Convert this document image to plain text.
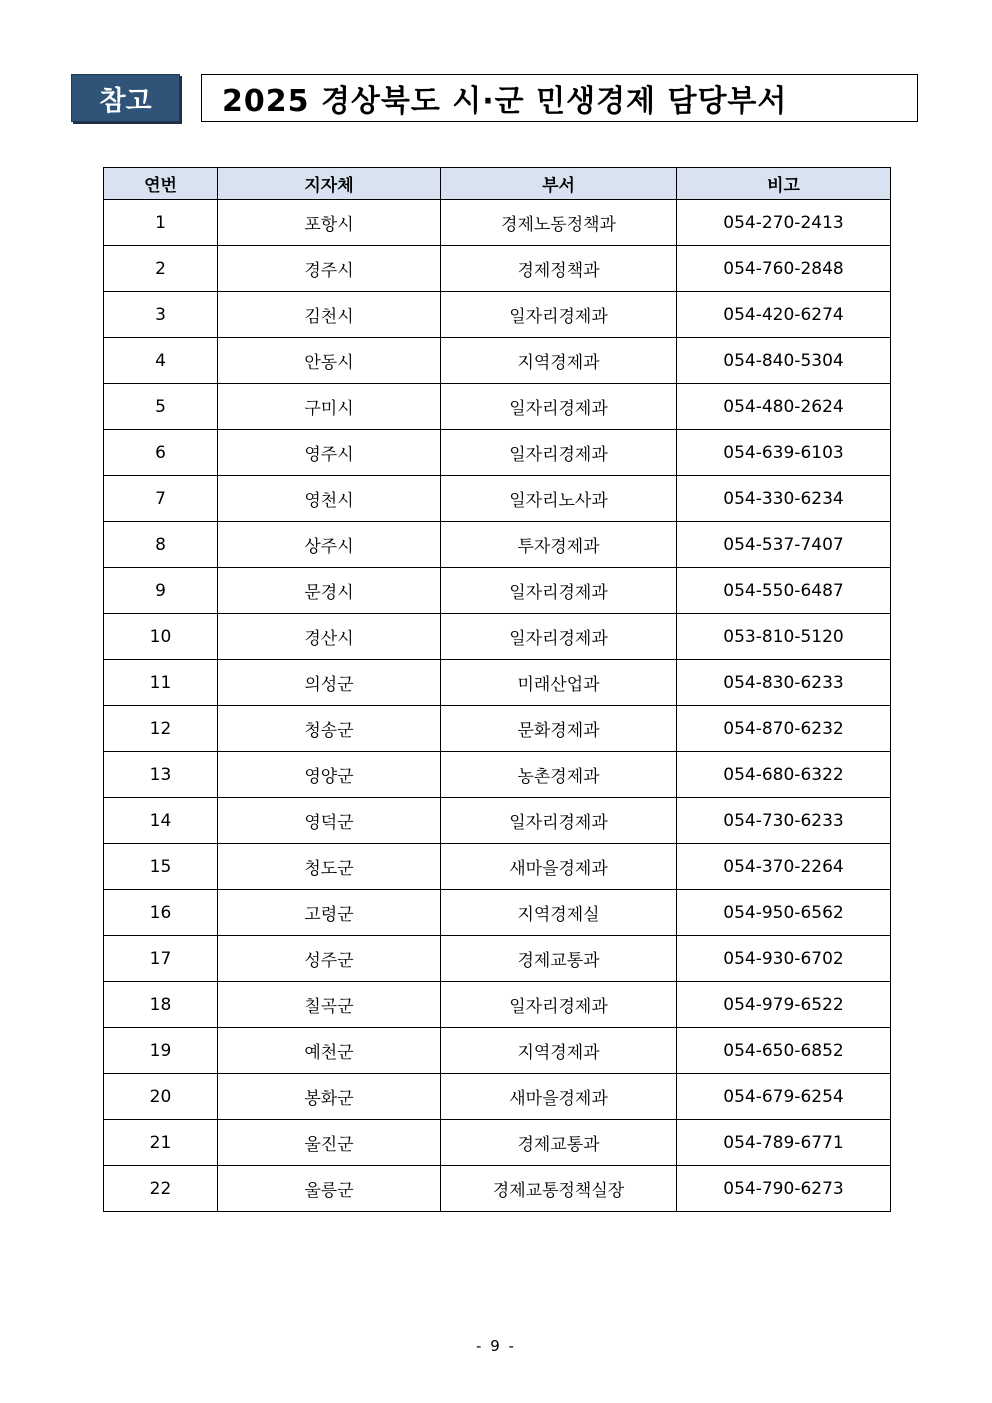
참고	2025 경상북도 시·군 민생경제 담당부서
연번	지자체	부서	비고
1	포항시	경제노동정책과	054-270-2413
2	경주시	경제정책과	054-760-2848
3	김천시	일자리경제과	054-420-6274
4	안동시	지역경제과	054-840-5304
5	구미시	일자리경제과	054-480-2624
6	영주시	일자리경제과	054-639-6103
7	영천시	일자리노사과	054-330-6234
8	상주시	투자경제과	054-537-7407
9	문경시	일자리경제과	054-550-6487
10	경산시	일자리경제과	053-810-5120
11	의성군	미래산업과	054-830-6233
12	청송군	문화경제과	054-870-6232
13	영양군	농촌경제과	054-680-6322
14	영덕군	일자리경제과	054-730-6233
15	청도군	새마을경제과	054-370-2264
16	고령군	지역경제실	054-950-6562
17	성주군	경제교통과	054-930-6702
18	칠곡군	일자리경제과	054-979-6522
19	예천군	지역경제과	054-650-6852
20	봉화군	새마을경제과	054-679-6254
21	울진군	경제교통과	054-789-6771
22	울릉군	경제교통정책실장	054-790-6273
- 9 -
